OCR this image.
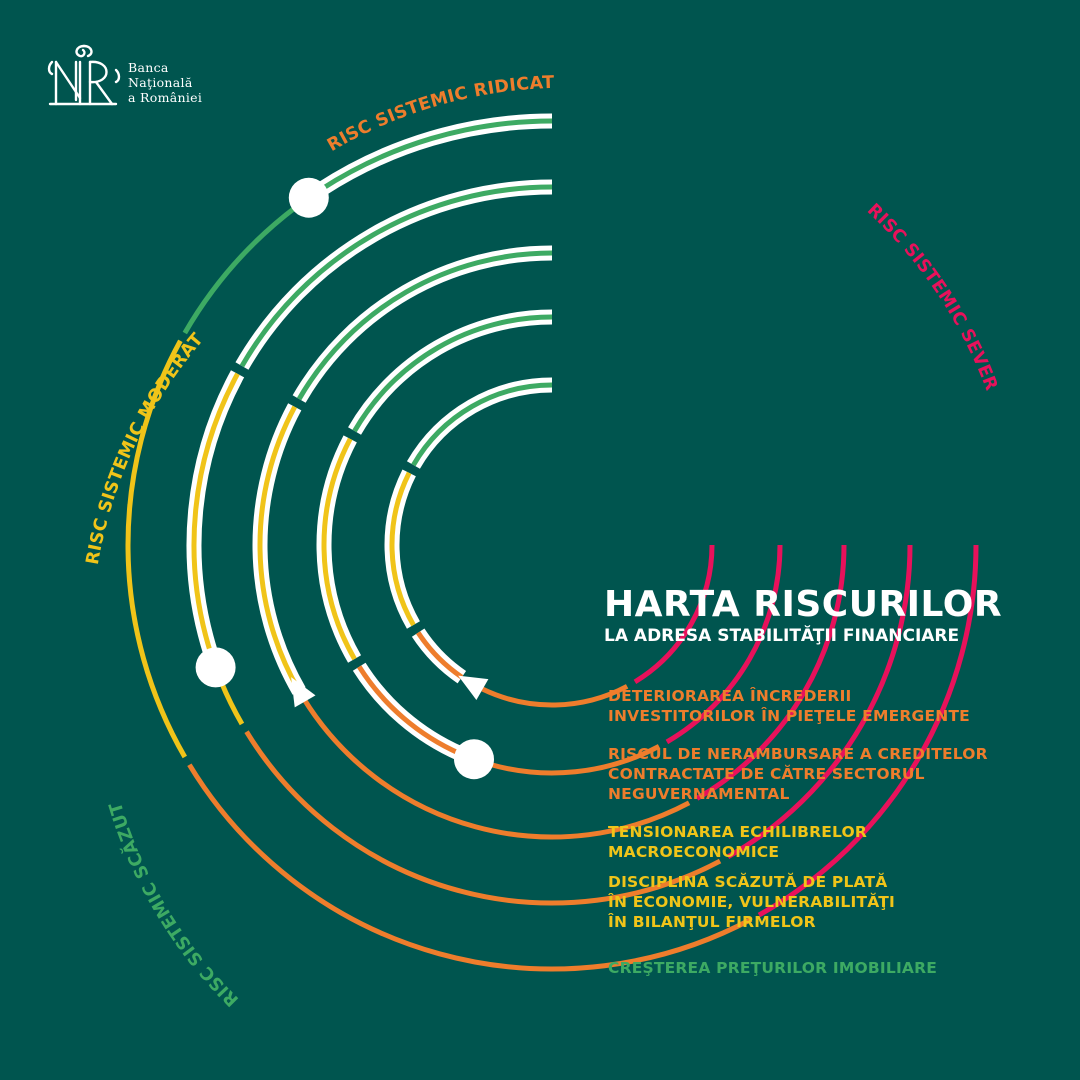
RISC SISTEMIC SCĂZUT
RISC SISTEMIC MODERAT
RISC SISTEMIC RIDICAT
RISC SISTEMIC SEVER
Banca
Naţională
a României
HARTA RISCURILOR
LA ADRESA STABILITĂŢII FINANCIARE
DETERIORAREA ÎNCREDERII
INVESTITORILOR ÎN PIEŢELE EMERGENTE
RISCUL DE NERAMBURSARE A CREDITELOR
CONTRACTATE DE CĂTRE SECTORUL
NEGUVERNAMENTAL
TENSIONAREA ECHILIBRELOR
MACROECONOMICE
DISCIPLINA SCĂZUTĂ DE PLATĂ
ÎN ECONOMIE, VULNERABILITĂŢI
ÎN BILANŢUL FIRMELOR
CREŞTEREA PREŢURILOR IMOBILIARE
